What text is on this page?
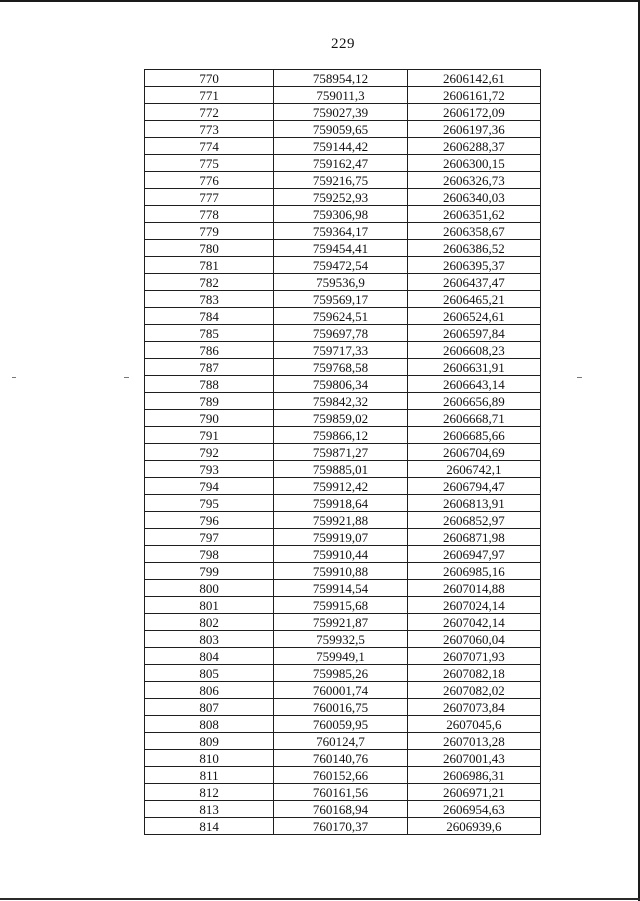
229
770	758954,12	2606142,61
771	759011,3	2606161,72
772	759027,39	2606172,09
773	759059,65	2606197,36
774	759144,42	2606288,37
775	759162,47	2606300,15
776	759216,75	2606326,73
777	759252,93	2606340,03
778	759306,98	2606351,62
779	759364,17	2606358,67
780	759454,41	2606386,52
781	759472,54	2606395,37
782	759536,9	2606437,47
783	759569,17	2606465,21
784	759624,51	2606524,61
785	759697,78	2606597,84
786	759717,33	2606608,23
787	759768,58	2606631,91
788	759806,34	2606643,14
789	759842,32	2606656,89
790	759859,02	2606668,71
791	759866,12	2606685,66
792	759871,27	2606704,69
793	759885,01	2606742,1
794	759912,42	2606794,47
795	759918,64	2606813,91
796	759921,88	2606852,97
797	759919,07	2606871,98
798	759910,44	2606947,97
799	759910,88	2606985,16
800	759914,54	2607014,88
801	759915,68	2607024,14
802	759921,87	2607042,14
803	759932,5	2607060,04
804	759949,1	2607071,93
805	759985,26	2607082,18
806	760001,74	2607082,02
807	760016,75	2607073,84
808	760059,95	2607045,6
809	760124,7	2607013,28
810	760140,76	2607001,43
811	760152,66	2606986,31
812	760161,56	2606971,21
813	760168,94	2606954,63
814	760170,37	2606939,6
